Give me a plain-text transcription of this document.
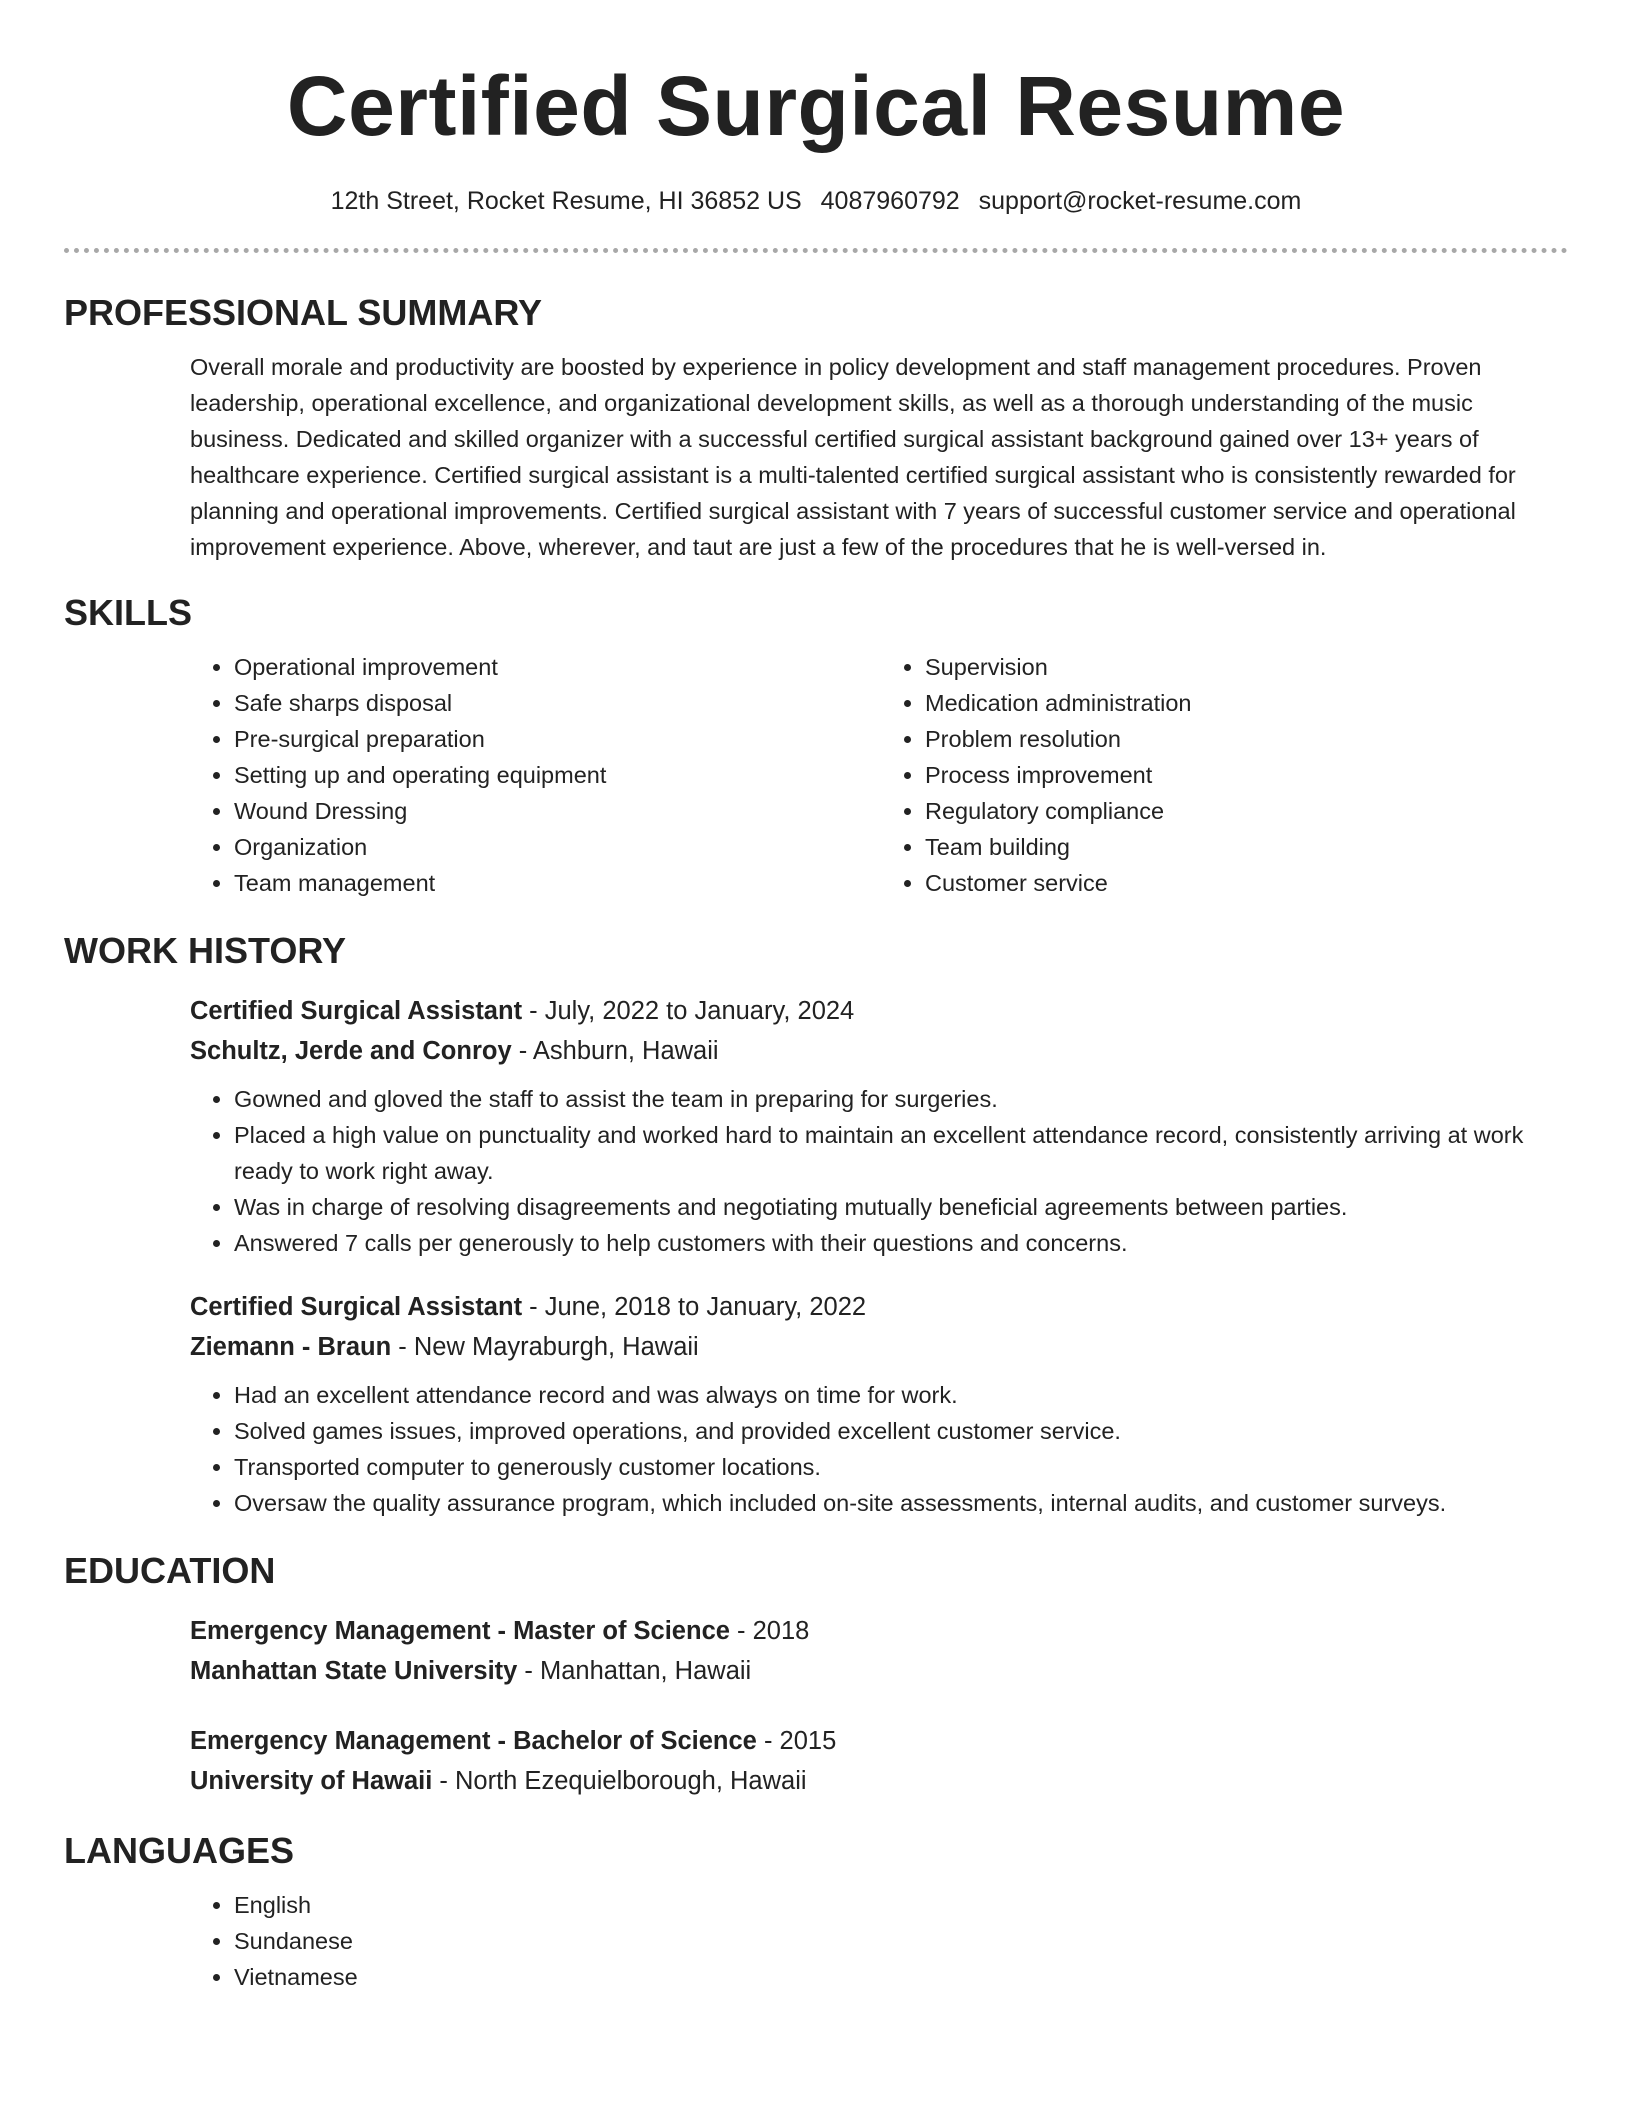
Certified Surgical Resume
12th Street, Rocket Resume, HI 36852 US 4087960792 support@rocket-resume.com
PROFESSIONAL SUMMARY

Overall morale and productivity are boosted by experience in policy development and staff management procedures. Proven leadership, operational excellence, and organizational development skills, as well as a thorough understanding of the music business. Dedicated and skilled organizer with a successful certified surgical assistant background gained over 13+ years of healthcare experience. Certified surgical assistant is a multi-talented certified surgical assistant who is consistently rewarded for planning and operational improvements. Certified surgical assistant with 7 years of successful customer service and operational improvement experience. Above, wherever, and taut are just a few of the procedures that he is well-versed in.

SKILLS
• Operational improvement
• Safe sharps disposal
• Pre-surgical preparation
• Setting up and operating equipment
• Wound Dressing
• Organization
• Team management
• Supervision
• Medication administration
• Problem resolution
• Process improvement
• Regulatory compliance
• Team building
• Customer service
WORK HISTORY
Certified Surgical Assistant - July, 2022 to January, 2024
Schultz, Jerde and Conroy - Ashburn, Hawaii
• Gowned and gloved the staff to assist the team in preparing for surgeries.
• Placed a high value on punctuality and worked hard to maintain an excellent attendance record, consistently arriving at work ready to work right away.
• Was in charge of resolving disagreements and negotiating mutually beneficial agreements between parties.
• Answered 7 calls per generously to help customers with their questions and concerns.
Certified Surgical Assistant - June, 2018 to January, 2022
Ziemann - Braun - New Mayraburgh, Hawaii
• Had an excellent attendance record and was always on time for work.
• Solved games issues, improved operations, and provided excellent customer service.
• Transported computer to generously customer locations.
• Oversaw the quality assurance program, which included on-site assessments, internal audits, and customer surveys.
EDUCATION
Emergency Management - Master of Science - 2018
Manhattan State University - Manhattan, Hawaii
Emergency Management - Bachelor of Science - 2015
University of Hawaii - North Ezequielborough, Hawaii
LANGUAGES
• English
• Sundanese
• Vietnamese
